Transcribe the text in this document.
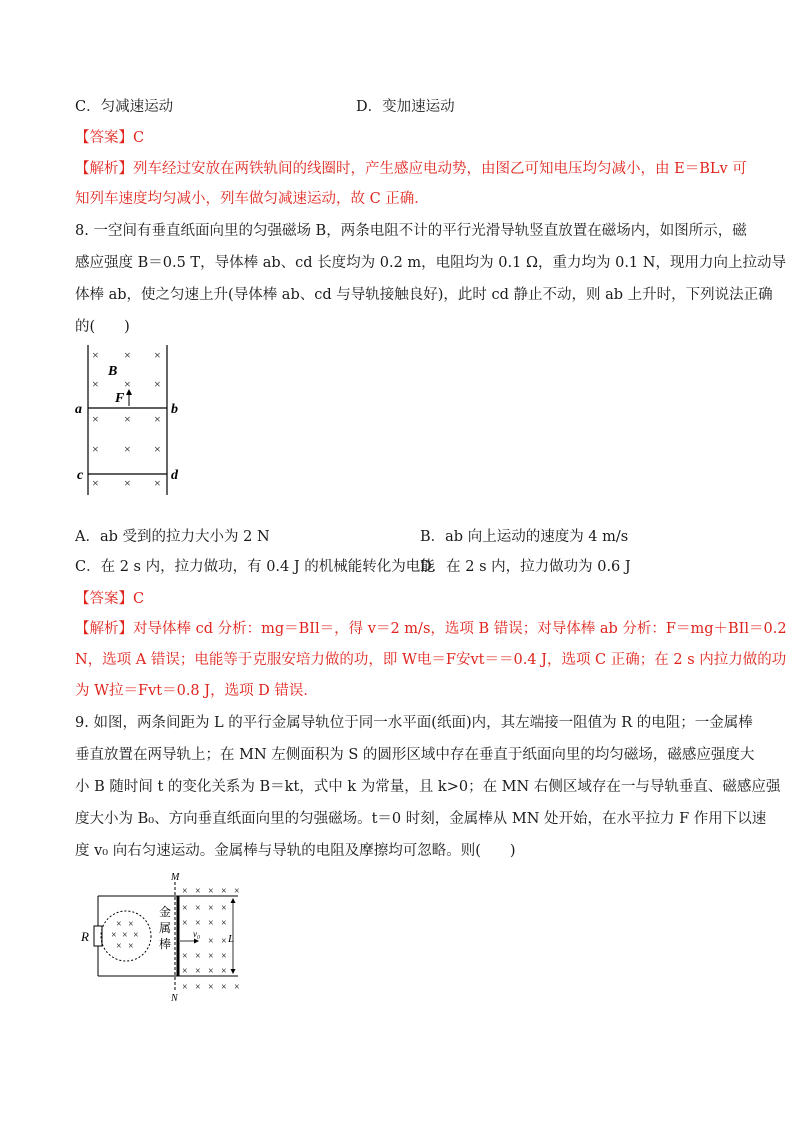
C．匀减速运动	D．变加速运动
【答案】C
【解析】列车经过安放在两铁轨间的线圈时，产生感应电动势，由图乙可知电压均匀减小，由 E＝BLv 可
知列车速度均匀减小，列车做匀减速运动，故 C 正确．
8. 一空间有垂直纸面向里的匀强磁场 B，两条电阻不计的平行光滑导轨竖直放置在磁场内，如图所示，磁
感应强度 B＝0.5 T，导体棒 ab、cd 长度均为 0.2 m，电阻均为 0.1 Ω，重力均为 0.1 N，现用力向上拉动导
体棒 ab，使之匀速上升(导体棒 ab、cd 与导轨接触良好)，此时 cd 静止不动，则 ab 上升时，下列说法正确
的(　　)
× × ×
× × ×
× × ×
× × ×
× × ×
B
F
a	b
c	d
A．ab 受到的拉力大小为 2 N	B．ab 向上运动的速度为 4 m/s
C．在 2 s 内，拉力做功，有 0.4 J 的机械能转化为电能
D．在 2 s 内，拉力做功为 0.6 J
【答案】C
【解析】对导体棒 cd 分析：mg＝BIl＝，得 v＝2 m/s，选项 B 错误；对导体棒 ab 分析：F＝mg＋BIl＝0.2
N，选项 A 错误；电能等于克服安培力做的功，即 W电＝F安vt＝＝0.4 J，选项 C 正确；在 2 s 内拉力做的功
为 W拉＝Fvt＝0.8 J，选项 D 错误．
9. 如图，两条间距为 L 的平行金属导轨位于同一水平面(纸面)内，其左端接一阻值为 R 的电阻；一金属棒
垂直放置在两导轨上；在 MN 左侧面积为 S 的圆形区域中存在垂直于纸面向里的均匀磁场，磁感应强度大
小 B 随时间 t 的变化关系为 B＝kt，式中 k 为常量，且 k>0；在 MN 右侧区域存在一与导轨垂直、磁感应强
度大小为 B₀、方向垂直纸面向里的匀强磁场。t＝0 时刻，金属棒从 MN 处开始，在水平拉力 F 作用下以速
度 v₀ 向右匀速运动。金属棒与导轨的电阻及摩擦均可忽略。则(　　)
R
× ×
× × ×
× ×
M
N
金
属
棒
v₀
× × × × ×
× × × ×
× × × ×
× ×
× × × ×
× × × ×
× × × × ×
L
